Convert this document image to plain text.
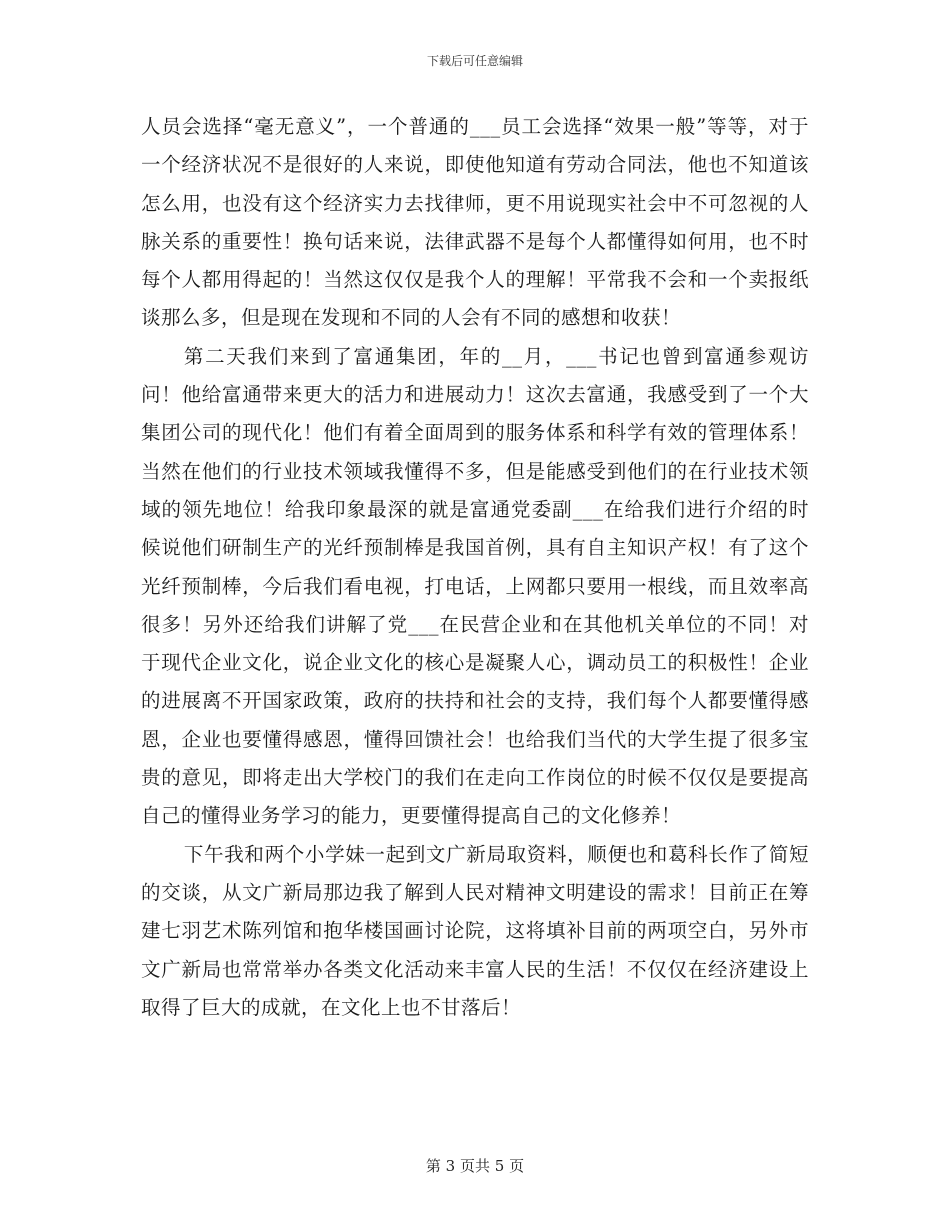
下载后可任意编辑

人员会选择“毫无意义”，一个普通的___员工会选择“效果一般”等等，对于一个经济状况不是很好的人来说，即使他知道有劳动合同法，他也不知道该怎么用，也没有这个经济实力去找律师，更不用说现实社会中不可忽视的人脉关系的重要性！换句话来说，法律武器不是每个人都懂得如何用，也不时每个人都用得起的！当然这仅仅是我个人的理解！平常我不会和一个卖报纸谈那么多，但是现在发现和不同的人会有不同的感想和收获！

第二天我们来到了富通集团，年的__月，___书记也曾到富通参观访问！他给富通带来更大的活力和进展动力！这次去富通，我感受到了一个大集团公司的现代化！他们有着全面周到的服务体系和科学有效的管理体系！当然在他们的行业技术领域我懂得不多，但是能感受到他们的在行业技术领域的领先地位！给我印象最深的就是富通党委副___在给我们进行介绍的时候说他们研制生产的光纤预制棒是我国首例，具有自主知识产权！有了这个光纤预制棒，今后我们看电视，打电话，上网都只要用一根线，而且效率高很多！另外还给我们讲解了党___在民营企业和在其他机关单位的不同！对于现代企业文化，说企业文化的核心是凝聚人心，调动员工的积极性！企业的进展离不开国家政策，政府的扶持和社会的支持，我们每个人都要懂得感恩，企业也要懂得感恩，懂得回馈社会！也给我们当代的大学生提了很多宝贵的意见，即将走出大学校门的我们在走向工作岗位的时候不仅仅是要提高自己的懂得业务学习的能力，更要懂得提高自己的文化修养！

下午我和两个小学妹一起到文广新局取资料，顺便也和葛科长作了简短的交谈，从文广新局那边我了解到人民对精神文明建设的需求！目前正在筹建七羽艺术陈列馆和抱华楼国画讨论院，这将填补目前的两项空白，另外市文广新局也常常举办各类文化活动来丰富人民的生活！不仅仅在经济建设上取得了巨大的成就，在文化上也不甘落后！

第 3 页共 5 页
